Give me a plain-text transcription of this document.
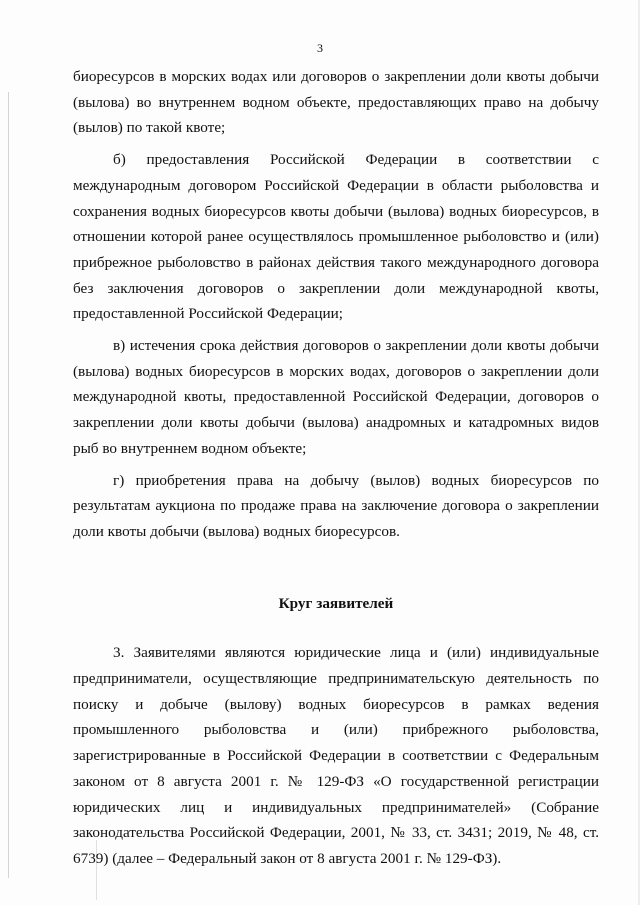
3

биоресурсов в морских водах или договоров о закреплении доли квоты добычи (вылова) во внутреннем водном объекте, предоставляющих право на добычу (вылов) по такой квоте;

б) предоставления Российской Федерации в соответствии с международным договором Российской Федерации в области рыболовства и сохранения водных биоресурсов квоты добычи (вылова) водных биоресурсов, в отношении которой ранее осуществлялось промышленное рыболовство и (или) прибрежное рыболовство в районах действия такого международного договора без заключения договоров о закреплении доли международной квоты, предоставленной Российской Федерации;

в) истечения срока действия договоров о закреплении доли квоты добычи (вылова) водных биоресурсов в морских водах, договоров о закреплении доли международной квоты, предоставленной Российской Федерации, договоров о закреплении доли квоты добычи (вылова) анадромных и катадромных видов рыб во внутреннем водном объекте;

г) приобретения права на добычу (вылов) водных биоресурсов по результатам аукциона по продаже права на заключение договора о закреплении доли квоты добычи (вылова) водных биоресурсов.

Круг заявителей

3. Заявителями являются юридические лица и (или) индивидуальные предприниматели, осуществляющие предпринимательскую деятельность по поиску и добыче (вылову) водных биоресурсов в рамках ведения промышленного рыболовства и (или) прибрежного рыболовства, зарегистрированные в Российской Федерации в соответствии с Федеральным законом от 8 августа 2001 г. № 129-ФЗ «О государственной регистрации юридических лиц и индивидуальных предпринимателей» (Собрание законодательства Российской Федерации, 2001, № 33, ст. 3431; 2019, № 48, ст. 6739) (далее – Федеральный закон от 8 августа 2001 г. № 129-ФЗ).
